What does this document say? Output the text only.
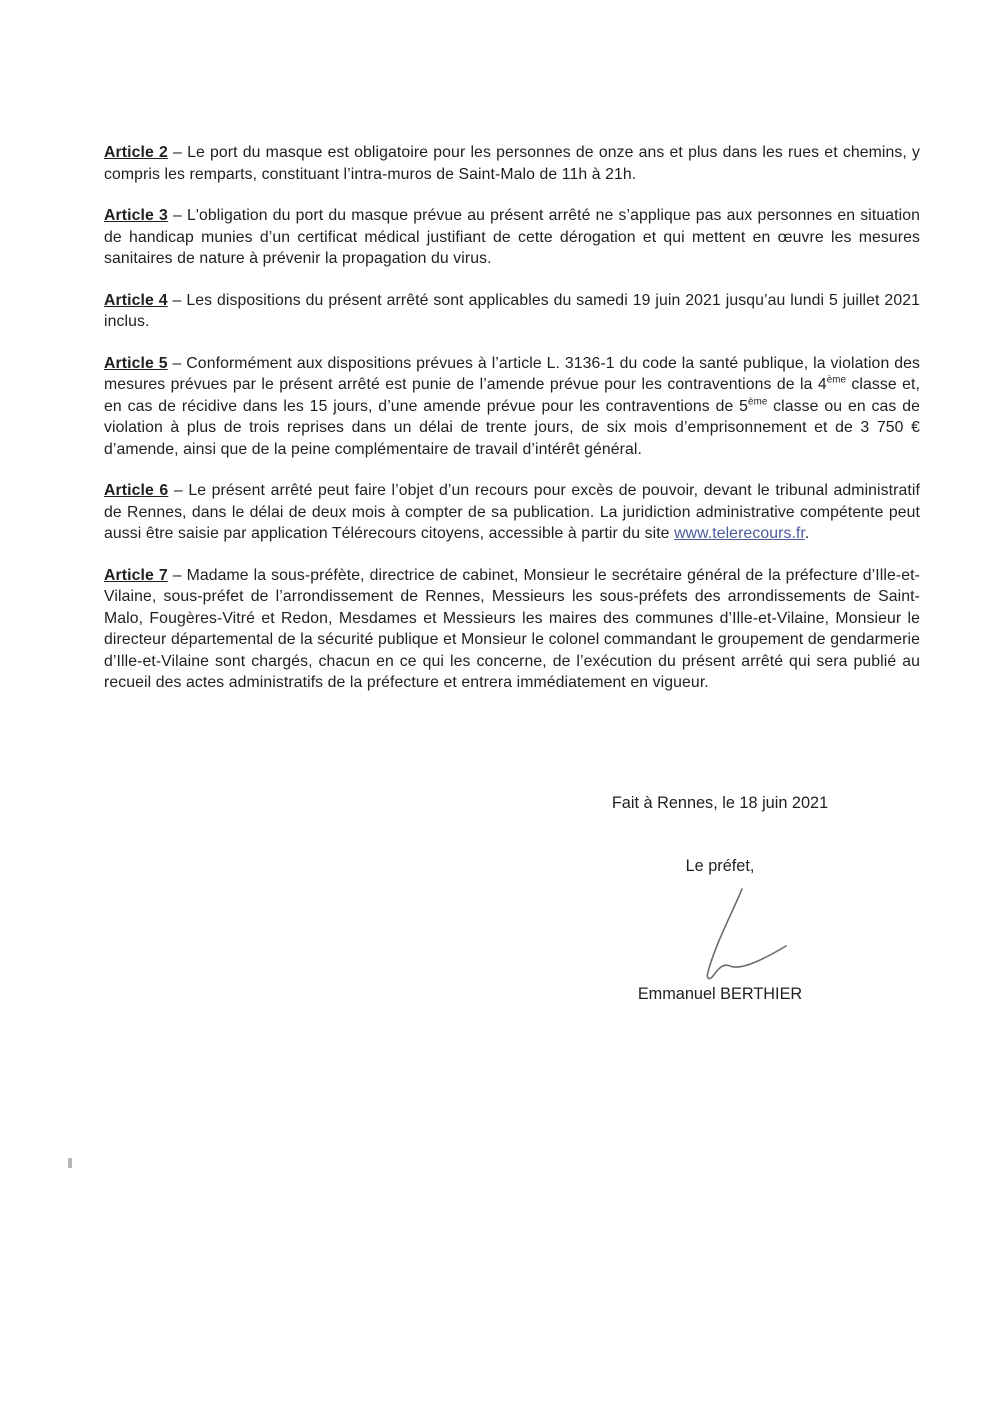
Article 2 – Le port du masque est obligatoire pour les personnes de onze ans et plus dans les rues et chemins, y compris les remparts, constituant l’intra-muros de Saint-Malo de 11h à 21h.

Article 3 – L'obligation du port du masque prévue au présent arrêté ne s’applique pas aux personnes en situation de handicap munies d’un certificat médical justifiant de cette dérogation et qui mettent en œuvre les mesures sanitaires de nature à prévenir la propagation du virus.

Article 4 – Les dispositions du présent arrêté sont applicables du samedi 19 juin 2021 jusqu’au lundi 5 juillet 2021 inclus.

Article 5 – Conformément aux dispositions prévues à l’article L. 3136-1 du code la santé publique, la violation des mesures prévues par le présent arrêté est punie de l’amende prévue pour les contraventions de la 4ème classe et, en cas de récidive dans les 15 jours, d’une amende prévue pour les contraventions de 5ème classe ou en cas de violation à plus de trois reprises dans un délai de trente jours, de six mois d’emprisonnement et de 3 750 € d’amende, ainsi que de la peine complémentaire de travail d’intérêt général.

Article 6 – Le présent arrêté peut faire l’objet d’un recours pour excès de pouvoir, devant le tribunal administratif de Rennes, dans le délai de deux mois à compter de sa publication. La juridiction administrative compétente peut aussi être saisie par application Télérecours citoyens, accessible à partir du site www.telerecours.fr.

Article 7 – Madame la sous-préfète, directrice de cabinet, Monsieur le secrétaire général de la préfecture d’Ille-et-Vilaine, sous-préfet de l’arrondissement de Rennes, Messieurs les sous-préfets des arrondissements de Saint-Malo, Fougères-Vitré et Redon, Mesdames et Messieurs les maires des communes d’Ille-et-Vilaine, Monsieur le directeur départemental de la sécurité publique et Monsieur le colonel commandant le groupement de gendarmerie d’Ille-et-Vilaine sont chargés, chacun en ce qui les concerne, de l’exécution du présent arrêté qui sera publié au recueil des actes administratifs de la préfecture et entrera immédiatement en vigueur.

Fait à Rennes, le 18 juin 2021
Le préfet,
Emmanuel BERTHIER
